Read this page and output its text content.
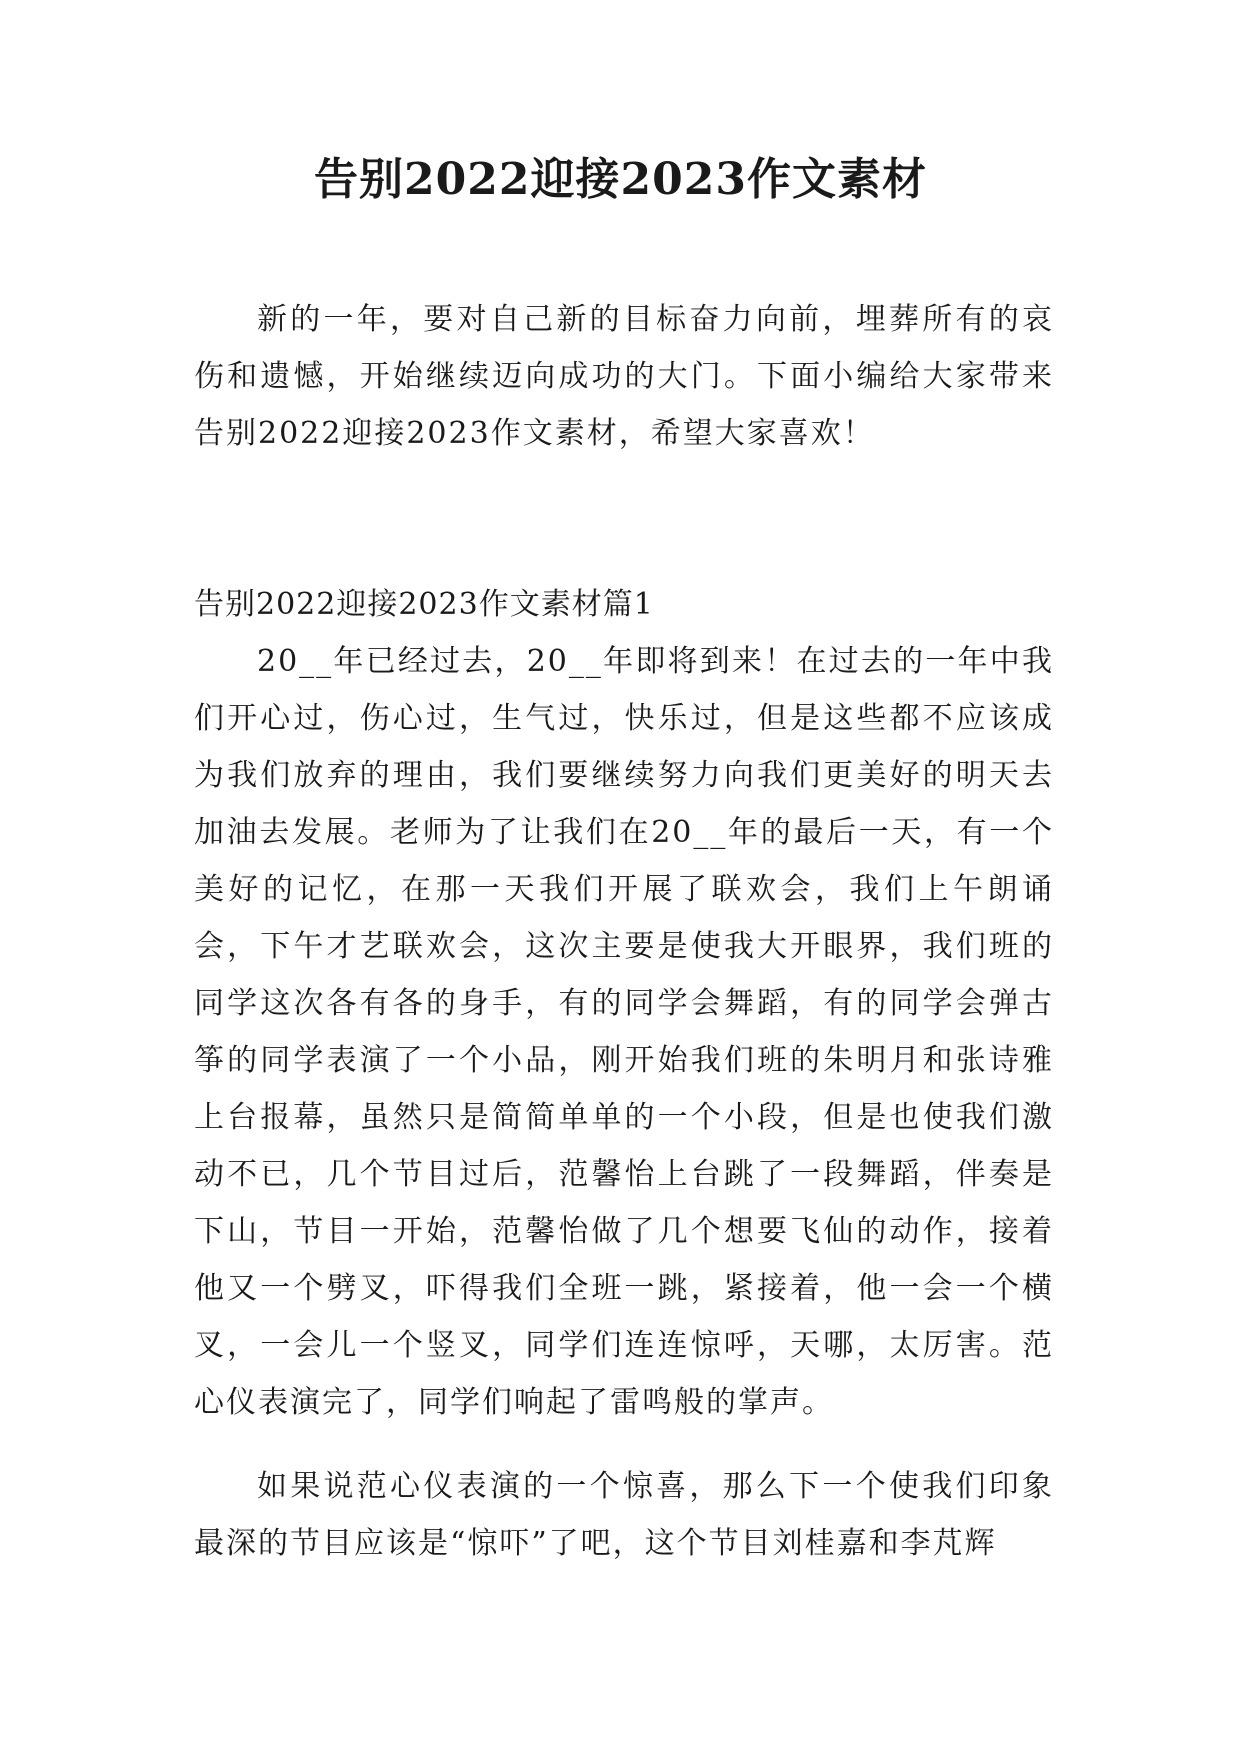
告别2022迎接2023作文素材

新的一年，要对自己新的目标奋力向前，埋葬所有的哀伤和遗憾，开始继续迈向成功的大门。下面小编给大家带来告别2022迎接2023作文素材，希望大家喜欢！

告别2022迎接2023作文素材篇1

20__年已经过去，20__年即将到来！在过去的一年中我们开心过，伤心过，生气过，快乐过，但是这些都不应该成为我们放弃的理由，我们要继续努力向我们更美好的明天去加油去发展。老师为了让我们在20__年的最后一天，有一个美好的记忆，在那一天我们开展了联欢会，我们上午朗诵会，下午才艺联欢会，这次主要是使我大开眼界，我们班的同学这次各有各的身手，有的同学会舞蹈，有的同学会弹古筝的同学表演了一个小品，刚开始我们班的朱明月和张诗雅上台报幕，虽然只是简简单单的一个小段，但是也使我们激动不已，几个节目过后，范馨怡上台跳了一段舞蹈，伴奏是下山，节目一开始，范馨怡做了几个想要飞仙的动作，接着他又一个劈叉，吓得我们全班一跳，紧接着，他一会一个横叉，一会儿一个竖叉，同学们连连惊呼，天哪，太厉害。范心仪表演完了，同学们响起了雷鸣般的掌声。

如果说范心仪表演的一个惊喜，那么下一个使我们印象最深的节目应该是“惊吓”了吧，这个节目刘桂嘉和李芃辉
